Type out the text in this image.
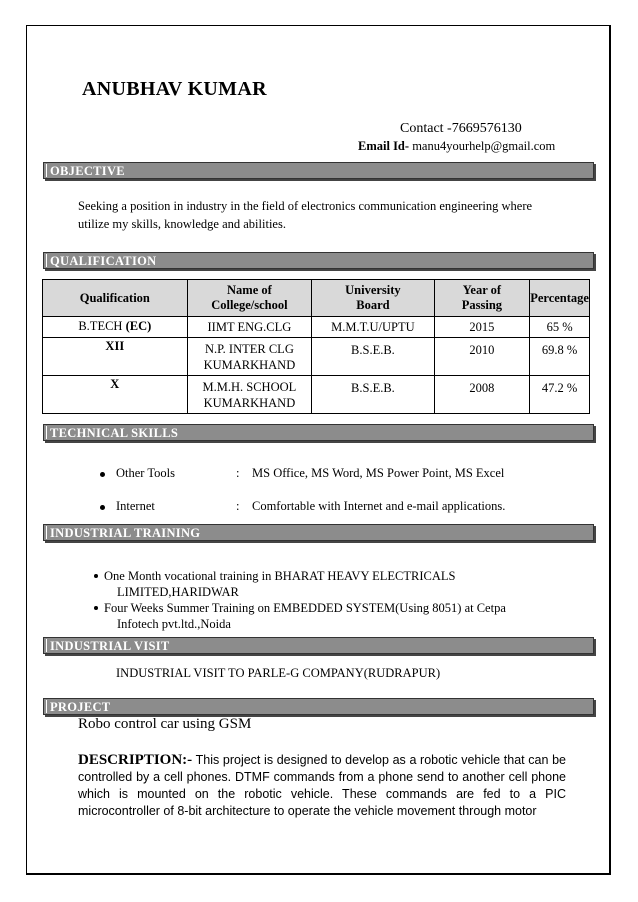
ANUBHAV KUMAR
Contact -7669576130
Email Id- manu4yourhelp@gmail.com
OBJECTIVE
Seeking a position in industry in the field of electronics communication engineering where
utilize my skills, knowledge and abilities.
QUALIFICATION
Qualification	Name of College/school	University Board	Year of Passing	Percentage
B.TECH (EC)	IIMT ENG.CLG	M.M.T.U/UPTU	2015	65 %
XII	N.P. INTER CLG KUMARKHAND	B.S.E.B.	2010	69.8 %
X	M.M.H. SCHOOL KUMARKHAND	B.S.E.B.	2008	47.2 %
TECHNICAL SKILLS
Other Tools	: MS Office, MS Word, MS Power Point, MS Excel
Internet	: Comfortable with Internet and e-mail applications.
INDUSTRIAL TRAINING
One Month vocational training in BHARAT HEAVY ELECTRICALS
LIMITED,HARIDWAR
Four Weeks Summer Training on EMBEDDED SYSTEM(Using 8051) at Cetpa
Infotech pvt.ltd.,Noida
INDUSTRIAL VISIT
INDUSTRIAL VISIT TO PARLE-G COMPANY(RUDRAPUR)
PROJECT
Robo control car using GSM
DESCRIPTION:- This project is designed to develop as a robotic vehicle that can be controlled by a cell phones. DTMF commands from a phone send to another cell phone which is mounted on the robotic vehicle. These commands are fed to a PIC microcontroller of 8-bit architecture to operate the vehicle movement through motor
